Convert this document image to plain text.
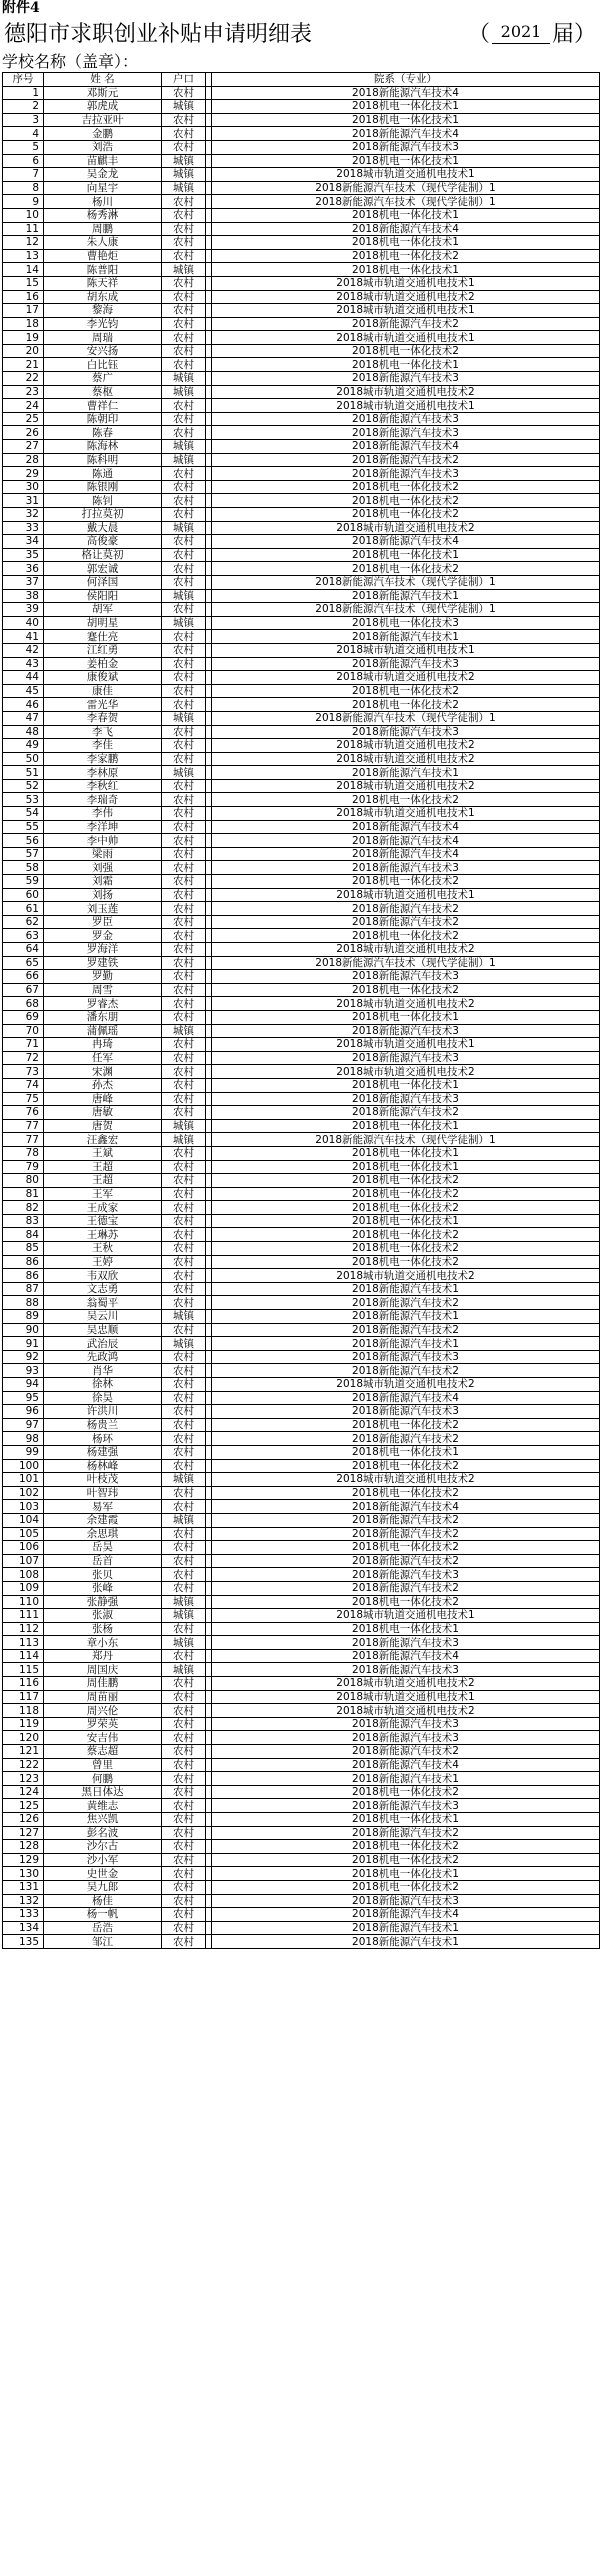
附件4
德阳市求职创业补贴申请明细表	（ 2021 届）
学校名称（盖章）：
序号	姓 名	户口		院系（专业）
1	邓斯元	农村		2018新能源汽车技术4
2	郭虎成	城镇		2018机电一体化技术1
3	吉拉亚叶	农村		2018机电一体化技术1
4	金鹏	农村		2018新能源汽车技术4
5	刘浩	农村		2018新能源汽车技术3
6	苗麒丰	城镇		2018机电一体化技术1
7	吴金龙	城镇		2018城市轨道交通机电技术1
8	向星宇	城镇		2018新能源汽车技术（现代学徒制）1
9	杨川	农村		2018新能源汽车技术（现代学徒制）1
10	杨秀淋	农村		2018机电一体化技术1
11	周鹏	农村		2018新能源汽车技术4
12	朱人康	农村		2018机电一体化技术1
13	曹艳炬	农村		2018机电一体化技术2
14	陈普阳	城镇		2018机电一体化技术1
15	陈天祥	农村		2018城市轨道交通机电技术1
16	胡东成	农村		2018城市轨道交通机电技术2
17	黎海	农村		2018城市轨道交通机电技术1
18	李光钧	农村		2018新能源汽车技术2
19	周瑞	农村		2018城市轨道交通机电技术1
20	安兴扬	农村		2018机电一体化技术2
21	白比钰	农村		2018机电一体化技术1
22	蔡广	城镇		2018新能源汽车技术3
23	蔡枢	城镇		2018城市轨道交通机电技术2
24	曹祥仁	农村		2018城市轨道交通机电技术1
25	陈朝印	农村		2018新能源汽车技术3
26	陈春	农村		2018新能源汽车技术3
27	陈海林	城镇		2018新能源汽车技术4
28	陈科明	城镇		2018新能源汽车技术2
29	陈通	农村		2018新能源汽车技术3
30	陈银刚	农村		2018机电一体化技术2
31	陈钊	农村		2018机电一体化技术2
32	打拉莫初	农村		2018机电一体化技术2
33	戴大晨	城镇		2018城市轨道交通机电技术2
34	高俊豪	农村		2018新能源汽车技术4
35	格让莫初	农村		2018机电一体化技术1
36	郭宏诚	农村		2018机电一体化技术2
37	何泽国	农村		2018新能源汽车技术（现代学徒制）1
38	侯阳阳	城镇		2018新能源汽车技术1
39	胡军	农村		2018新能源汽车技术（现代学徒制）1
40	胡明星	城镇		2018机电一体化技术3
41	蹇仕亮	农村		2018新能源汽车技术1
42	江红勇	农村		2018城市轨道交通机电技术1
43	姜柏金	农村		2018新能源汽车技术3
44	康俊斌	农村		2018城市轨道交通机电技术2
45	康佳	农村		2018机电一体化技术2
46	雷光华	农村		2018机电一体化技术2
47	李春贺	城镇		2018新能源汽车技术（现代学徒制）1
48	李飞	农村		2018新能源汽车技术3
49	李佳	农村		2018城市轨道交通机电技术2
50	李家鹏	农村		2018城市轨道交通机电技术2
51	李林原	城镇		2018新能源汽车技术1
52	李秋红	农村		2018城市轨道交通机电技术2
53	李瑞奇	农村		2018机电一体化技术2
54	李伟	农村		2018城市轨道交通机电技术1
55	李洋坤	农村		2018新能源汽车技术4
56	李中帅	农村		2018新能源汽车技术4
57	梁雨	农村		2018新能源汽车技术4
58	刘强	农村		2018新能源汽车技术3
59	刘霜	农村		2018机电一体化技术2
60	刘扬	农村		2018城市轨道交通机电技术1
61	刘玉莲	农村		2018新能源汽车技术2
62	罗臣	农村		2018新能源汽车技术2
63	罗金	农村		2018机电一体化技术2
64	罗海洋	农村		2018城市轨道交通机电技术2
65	罗建铁	农村		2018新能源汽车技术（现代学徒制）1
66	罗勤	农村		2018新能源汽车技术3
67	周雪	农村		2018机电一体化技术2
68	罗睿杰	农村		2018城市轨道交通机电技术2
69	潘东朋	农村		2018机电一体化技术1
70	蒲佩瑶	城镇		2018新能源汽车技术3
71	冉琦	农村		2018城市轨道交通机电技术1
72	任军	农村		2018新能源汽车技术3
73	宋渊	农村		2018城市轨道交通机电技术2
74	孙杰	农村		2018机电一体化技术1
75	唐峰	农村		2018新能源汽车技术3
76	唐敏	农村		2018新能源汽车技术2
77	唐贺	城镇		2018机电一体化技术1
77	汪鑫宏	城镇		2018新能源汽车技术（现代学徒制）1
78	王斌	农村		2018机电一体化技术1
79	王超	农村		2018机电一体化技术1
80	王超	农村		2018机电一体化技术2
81	王军	农村		2018机电一体化技术2
82	王成家	农村		2018机电一体化技术2
83	王德宝	农村		2018机电一体化技术1
84	王琳苏	农村		2018机电一体化技术2
85	王秋	农村		2018机电一体化技术2
86	王婷	农村		2018机电一体化技术2
86	韦双欣	农村		2018城市轨道交通机电技术2
87	文志勇	农村		2018新能源汽车技术1
88	翁蜀平	农村		2018新能源汽车技术2
89	吴云川	城镇		2018新能源汽车技术1
90	吴忠顺	农村		2018新能源汽车技术2
91	武治辰	城镇		2018新能源汽车技术1
92	先政鸿	农村		2018新能源汽车技术3
93	肖华	农村		2018新能源汽车技术2
94	徐林	农村		2018城市轨道交通机电技术2
95	徐昊	农村		2018新能源汽车技术4
96	许洪川	农村		2018新能源汽车技术3
97	杨贵兰	农村		2018机电一体化技术2
98	杨环	农村		2018新能源汽车技术2
99	杨建强	农村		2018机电一体化技术1
100	杨林峰	农村		2018机电一体化技术2
101	叶枝茂	城镇		2018城市轨道交通机电技术2
102	叶智玮	农村		2018机电一体化技术2
103	易军	农村		2018新能源汽车技术4
104	余建霞	城镇		2018新能源汽车技术2
105	余思琪	农村		2018新能源汽车技术2
106	岳昊	农村		2018机电一体化技术2
107	岳首	农村		2018新能源汽车技术2
108	张贝	农村		2018新能源汽车技术3
109	张峰	农村		2018新能源汽车技术2
110	张静强	城镇		2018机电一体化技术2
111	张淑	城镇		2018城市轨道交通机电技术1
112	张杨	农村		2018机电一体化技术1
113	章小东	城镇		2018新能源汽车技术3
114	郑丹	农村		2018新能源汽车技术4
115	周国庆	城镇		2018新能源汽车技术3
116	周佳鹏	农村		2018城市轨道交通机电技术2
117	周苗丽	农村		2018城市轨道交通机电技术1
118	周兴伦	农村		2018城市轨道交通机电技术2
119	罗荣英	农村		2018新能源汽车技术3
120	安吉伟	农村		2018新能源汽车技术3
121	蔡志超	农村		2018新能源汽车技术2
122	曾里	农村		2018新能源汽车技术4
123	何鹏	农村		2018新能源汽车技术1
124	黑日体达	农村		2018机电一体化技术2
125	黄维志	农村		2018新能源汽车技术3
126	焦兴凯	农村		2018机电一体化技术1
127	彭名波	农村		2018新能源汽车技术2
128	沙尔古	农村		2018机电一体化技术2
129	沙小军	农村		2018机电一体化技术2
130	史世金	农村		2018机电一体化技术1
131	吴九郎	农村		2018机电一体化技术2
132	杨佳	农村		2018新能源汽车技术3
133	杨一帆	农村		2018新能源汽车技术4
134	岳浩	农村		2018新能源汽车技术1
135	邹江	农村		2018新能源汽车技术1
